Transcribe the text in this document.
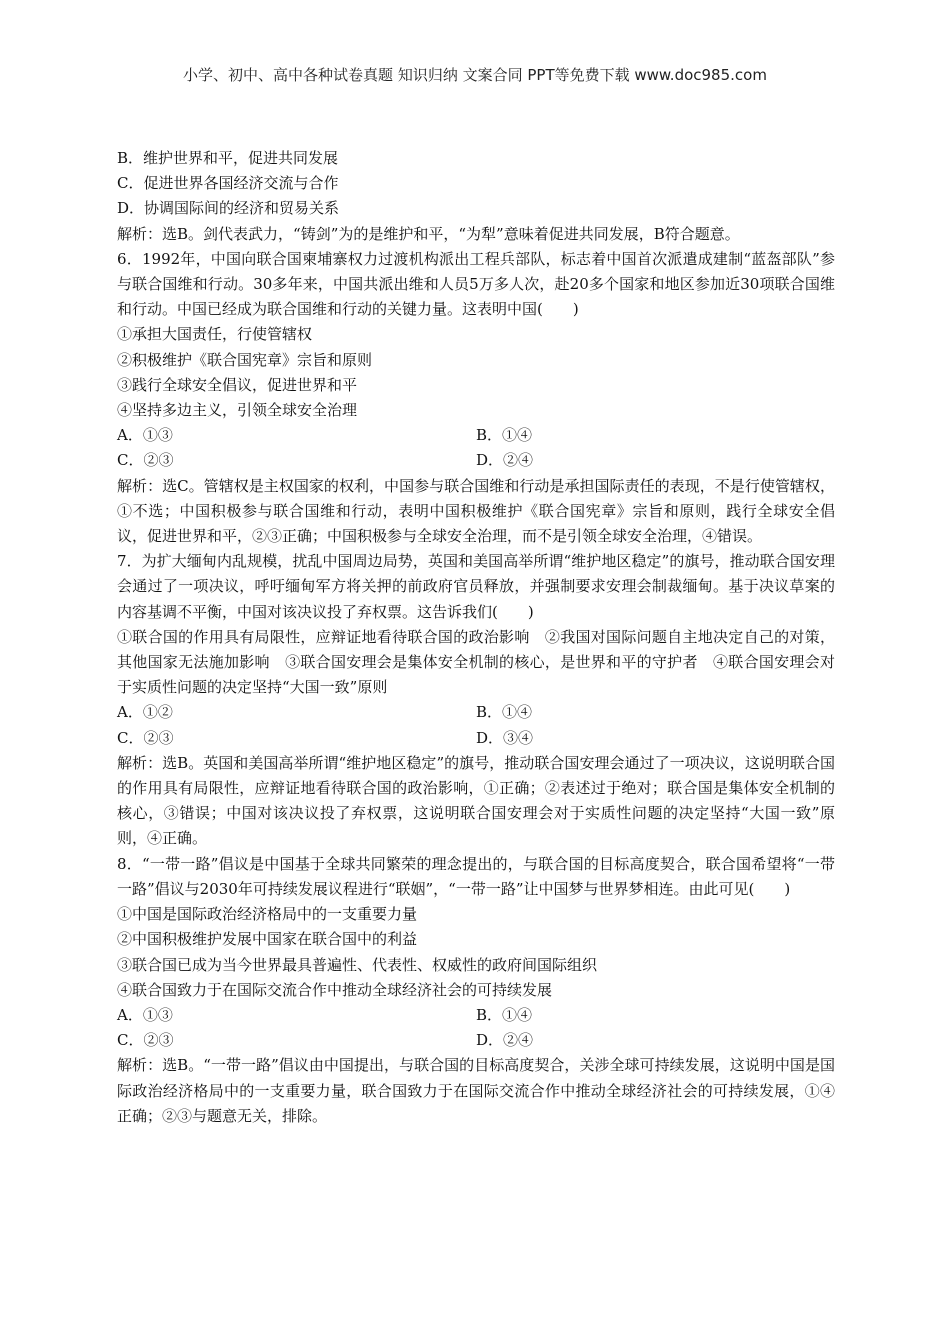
小学、初中、高中各种试卷真题 知识归纳 文案合同 PPT等免费下载 www.doc985.com

B．维护世界和平，促进共同发展

C．促进世界各国经济交流与合作

D．协调国际间的经济和贸易关系

解析：选B。剑代表武力，“铸剑”为的是维护和平，“为犁”意味着促进共同发展，B符合题意。

6．1992年，中国向联合国柬埔寨权力过渡机构派出工程兵部队，标志着中国首次派遣成建制“蓝盔部队”参与联合国维和行动。30多年来，中国共派出维和人员5万多人次，赴20多个国家和地区参加近30项联合国维和行动。中国已经成为联合国维和行动的关键力量。这表明中国(　　)

①承担大国责任，行使管辖权

②积极维护《联合国宪章》宗旨和原则

③践行全球安全倡议，促进世界和平

④坚持多边主义，引领全球安全治理

A．①③	B．①④
C．②③	D．②④

解析：选C。管辖权是主权国家的权利，中国参与联合国维和行动是承担国际责任的表现，不是行使管辖权，①不选；中国积极参与联合国维和行动，表明中国积极维护《联合国宪章》宗旨和原则，践行全球安全倡议，促进世界和平，②③正确；中国积极参与全球安全治理，而不是引领全球安全治理，④错误。

7．为扩大缅甸内乱规模，扰乱中国周边局势，英国和美国高举所谓“维护地区稳定”的旗号，推动联合国安理会通过了一项决议，呼吁缅甸军方将关押的前政府官员释放，并强制要求安理会制裁缅甸。基于决议草案的内容基调不平衡，中国对该决议投了弃权票。这告诉我们(　　)

①联合国的作用具有局限性，应辩证地看待联合国的政治影响　②我国对国际问题自主地决定自己的对策，其他国家无法施加影响　③联合国安理会是集体安全机制的核心，是世界和平的守护者　④联合国安理会对于实质性问题的决定坚持“大国一致”原则

A．①②	B．①④
C．②③	D．③④

解析：选B。英国和美国高举所谓“维护地区稳定”的旗号，推动联合国安理会通过了一项决议，这说明联合国的作用具有局限性，应辩证地看待联合国的政治影响，①正确；②表述过于绝对；联合国是集体安全机制的核心，③错误；中国对该决议投了弃权票，这说明联合国安理会对于实质性问题的决定坚持“大国一致”原则，④正确。

8．“一带一路”倡议是中国基于全球共同繁荣的理念提出的，与联合国的目标高度契合，联合国希望将“一带一路”倡议与2030年可持续发展议程进行“联姻”，“一带一路”让中国梦与世界梦相连。由此可见(　　)

①中国是国际政治经济格局中的一支重要力量

②中国积极维护发展中国家在联合国中的利益

③联合国已成为当今世界最具普遍性、代表性、权威性的政府间国际组织

④联合国致力于在国际交流合作中推动全球经济社会的可持续发展

A．①③	B．①④
C．②③	D．②④

解析：选B。“一带一路”倡议由中国提出，与联合国的目标高度契合，关涉全球可持续发展，这说明中国是国际政治经济格局中的一支重要力量，联合国致力于在国际交流合作中推动全球经济社会的可持续发展，①④正确；②③与题意无关，排除。
